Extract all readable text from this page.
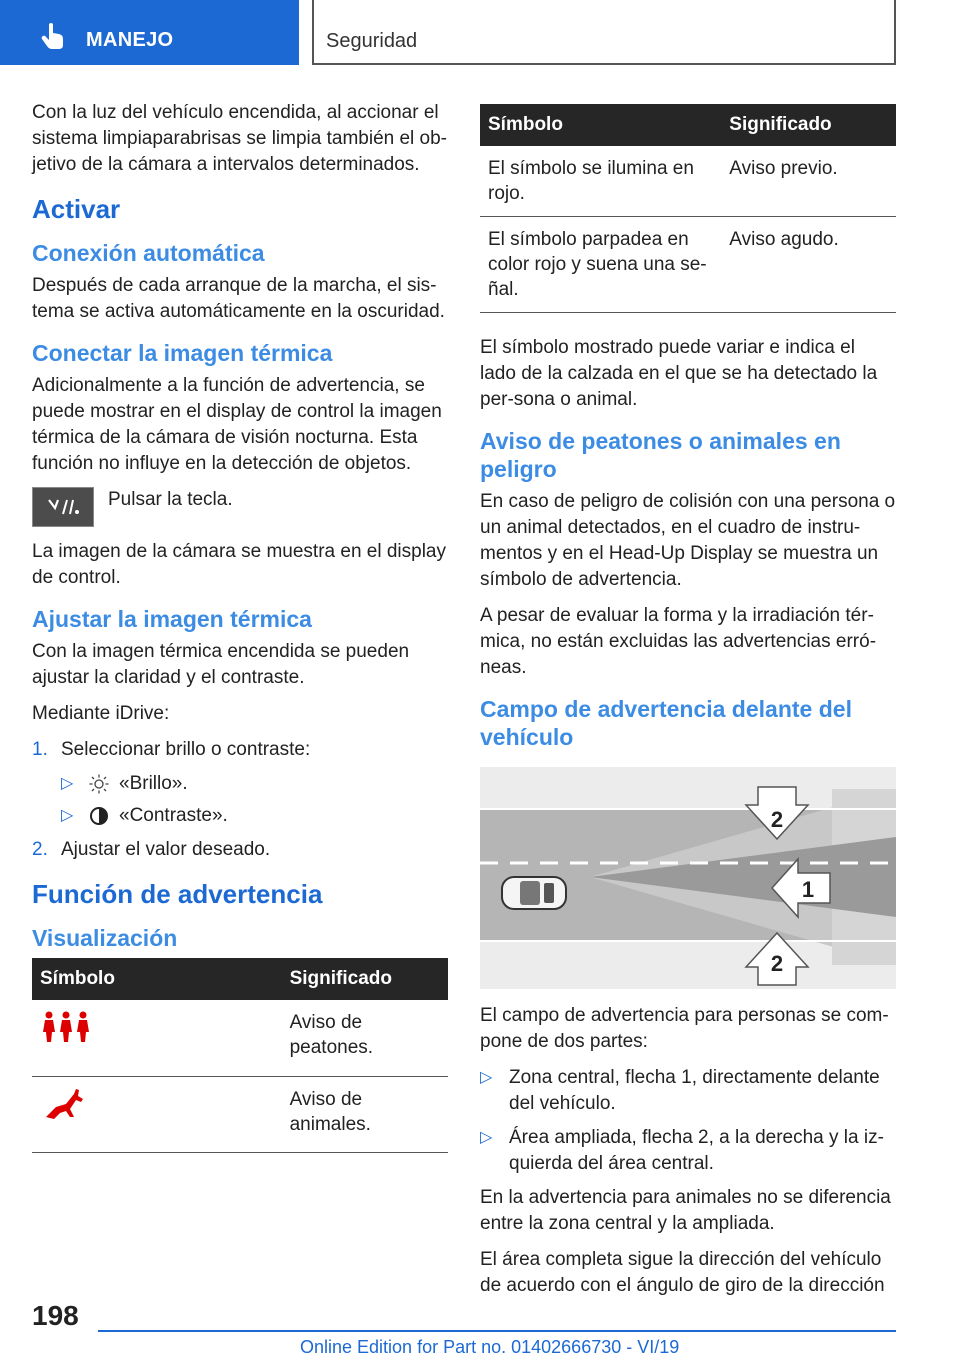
MANEJO	Seguridad

Con la luz del vehículo encendida, al accionar el sistema limpiaparabrisas se limpia también el ob-jetivo de la cámara a intervalos determinados.

Activar
Conexión automática

Después de cada arranque de la marcha, el sis-tema se activa automáticamente en la oscuridad.

Conectar la imagen térmica

Adicionalmente a la función de advertencia, se puede mostrar en el display de control la imagen térmica de la cámara de visión nocturna. Esta función no influye en la detección de objetos.

Pulsar la tecla.

La imagen de la cámara se muestra en el display de control.

Ajustar la imagen térmica

Con la imagen térmica encendida se pueden ajustar la claridad y el contraste.

Mediante iDrive:

1. Seleccionar brillo o contraste:
▷ «Brillo».
▷ «Contraste».
2. Ajustar el valor deseado.
Función de advertencia
Visualización
Símbolo	Significado
	Aviso de peatones.
	Aviso de animales.
Símbolo	Significado
El símbolo se ilumina en rojo.	Aviso previo.
El símbolo parpadea en color rojo y suena una se-ñal.	Aviso agudo.

El símbolo mostrado puede variar e indica el lado de la calzada en el que se ha detectado la per-sona o animal.

Aviso de peatones o animales en peligro

En caso de peligro de colisión con una persona o un animal detectados, en el cuadro de instru-mentos y en el Head-Up Display se muestra un símbolo de advertencia.

A pesar de evaluar la forma y la irradiación tér-mica, no están excluidas las advertencias erró-neas.

Campo de advertencia delante del vehículo
2
1
2

El campo de advertencia para personas se com-pone de dos partes:

▷ Zona central, flecha 1, directamente delante del vehículo.
▷ Área ampliada, flecha 2, a la derecha y la iz-quierda del área central.

En la advertencia para animales no se diferencia entre la zona central y la ampliada.

El área completa sigue la dirección del vehículo de acuerdo con el ángulo de giro de la dirección

198
Online Edition for Part no. 01402666730 - VI/19
